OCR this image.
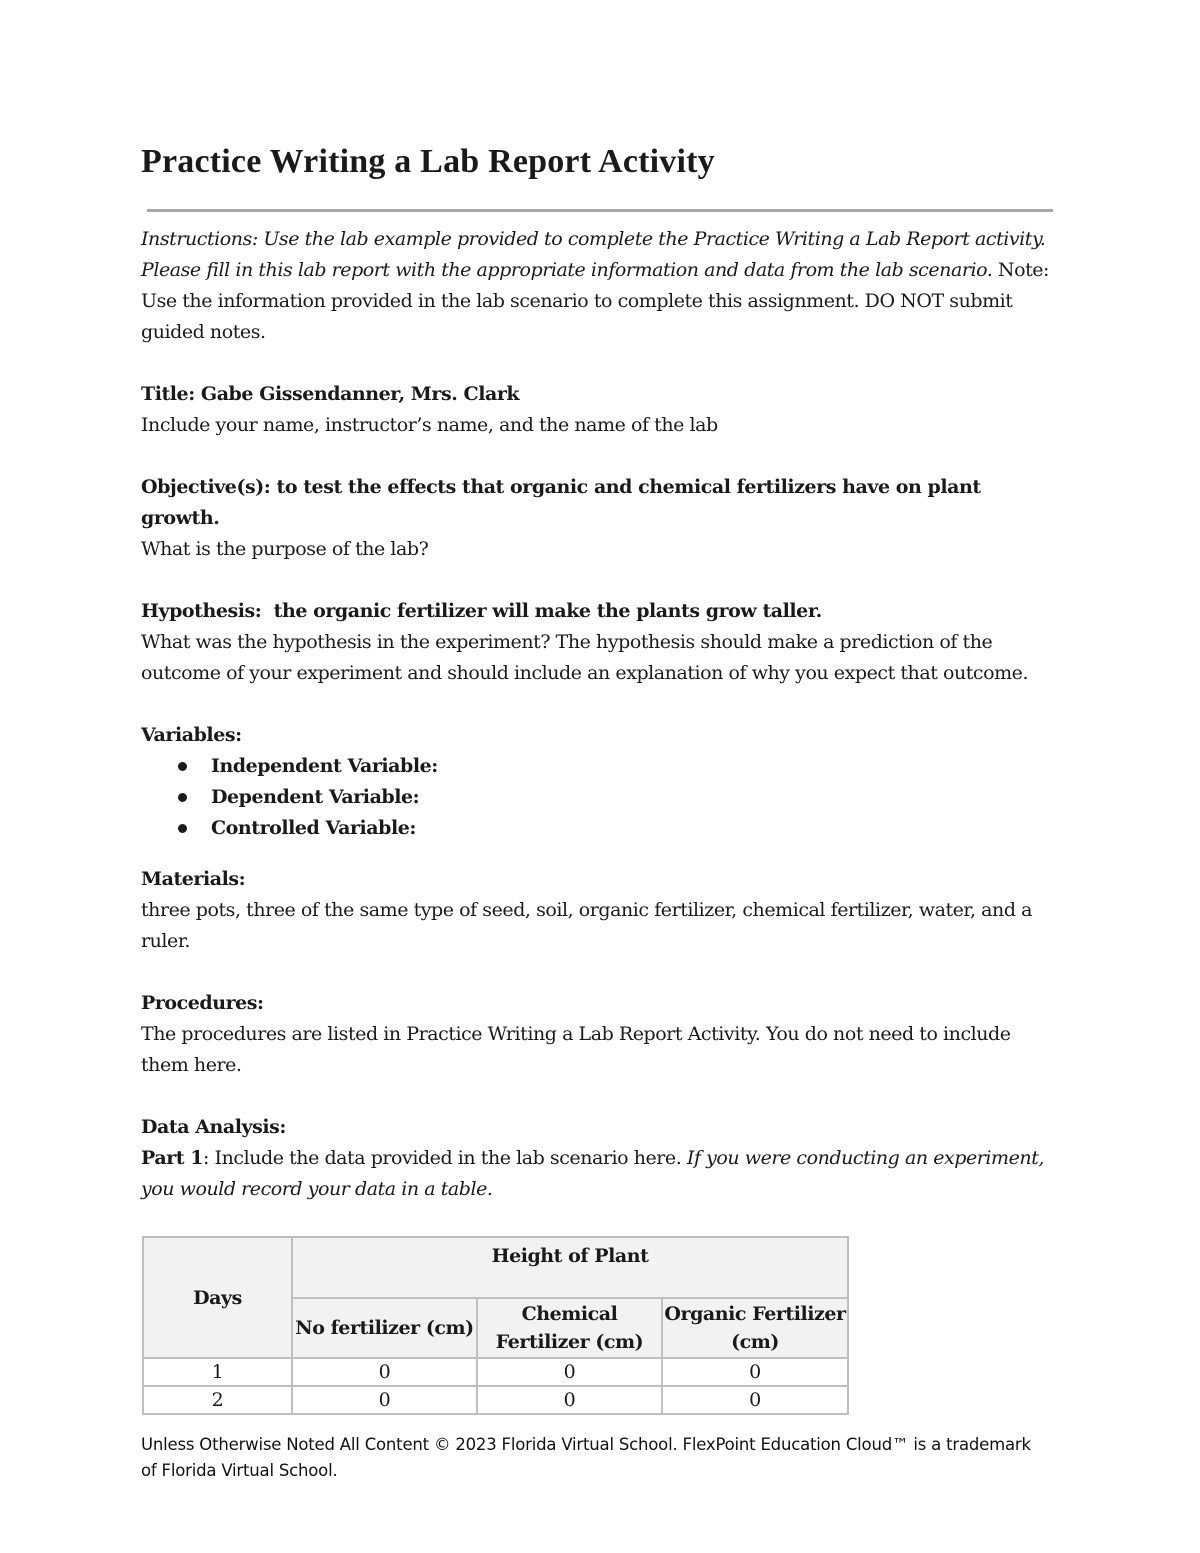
Practice Writing a Lab Report Activity

Instructions: Use the lab example provided to complete the Practice Writing a Lab Report activity. Please fill in this lab report with the appropriate information and data from the lab scenario. Note: Use the information provided in the lab scenario to complete this assignment. DO NOT submit guided notes.

Title: Gabe Gissendanner, Mrs. Clark

Include your name, instructor’s name, and the name of the lab

Objective(s): to test the effects that organic and chemical fertilizers have on plant growth.

What is the purpose of the lab?

Hypothesis: the organic fertilizer will make the plants grow taller.

What was the hypothesis in the experiment? The hypothesis should make a prediction of the outcome of your experiment and should include an explanation of why you expect that outcome.

Variables:

Independent Variable:
Dependent Variable:
Controlled Variable:

Materials:

three pots, three of the same type of seed, soil, organic fertilizer, chemical fertilizer, water, and a ruler.

Procedures:

The procedures are listed in Practice Writing a Lab Report Activity. You do not need to include them here.

Data Analysis:

Part 1: Include the data provided in the lab scenario here. If you were conducting an experiment, you would record your data in a table.

Days	Height of Plant		
	No fertilizer (cm)	Chemical Fertilizer (cm)	Organic Fertilizer (cm)
1	0	0	0
2	0	0	0
Unless Otherwise Noted All Content © 2023 Florida Virtual School. FlexPoint Education Cloud™ is a trademark of Florida Virtual School.
